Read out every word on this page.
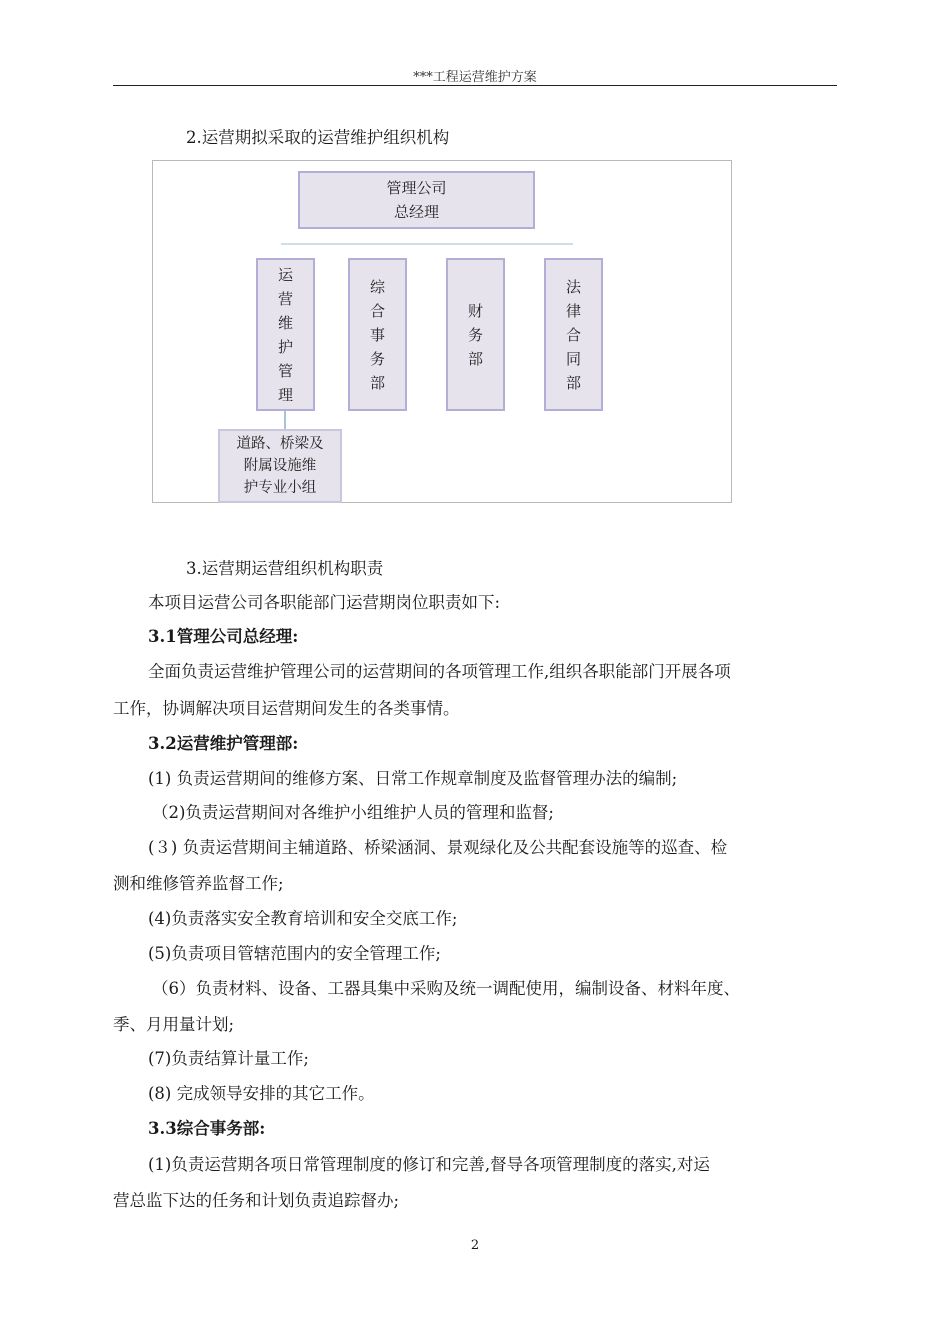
***工程运营维护方案
2.运营期拟采取的运营维护组织机构
管理公司
总经理
运
营
维
护
管
理
综
合
事
务
部
财
务
部
法
律
合
同
部
道路、桥梁及
附属设施维
护专业小组
3.运营期运营组织机构职责
本项目运营公司各职能部门运营期岗位职责如下:
3.1管理公司总经理:
全面负责运营维护管理公司的运营期间的各项管理工作,组织各职能部门开展各项
工作，协调解决项目运营期间发生的各类事情。
3.2运营维护管理部:
(1) 负责运营期间的维修方案、日常工作规章制度及监督管理办法的编制;
（2)负责运营期间对各维护小组维护人员的管理和监督;
(３) 负责运营期间主辅道路、桥梁涵洞、景观绿化及公共配套设施等的巡查、检
测和维修管养监督工作;
(4)负责落实安全教育培训和安全交底工作;
(5)负责项目管辖范围内的安全管理工作;
（6）负责材料、设备、工器具集中采购及统一调配使用，编制设备、材料年度、
季、月用量计划;
(7)负责结算计量工作;
(8) 完成领导安排的其它工作。
3.3综合事务部:
(1)负责运营期各项日常管理制度的修订和完善,督导各项管理制度的落实,对运
营总监下达的任务和计划负责追踪督办;
2
